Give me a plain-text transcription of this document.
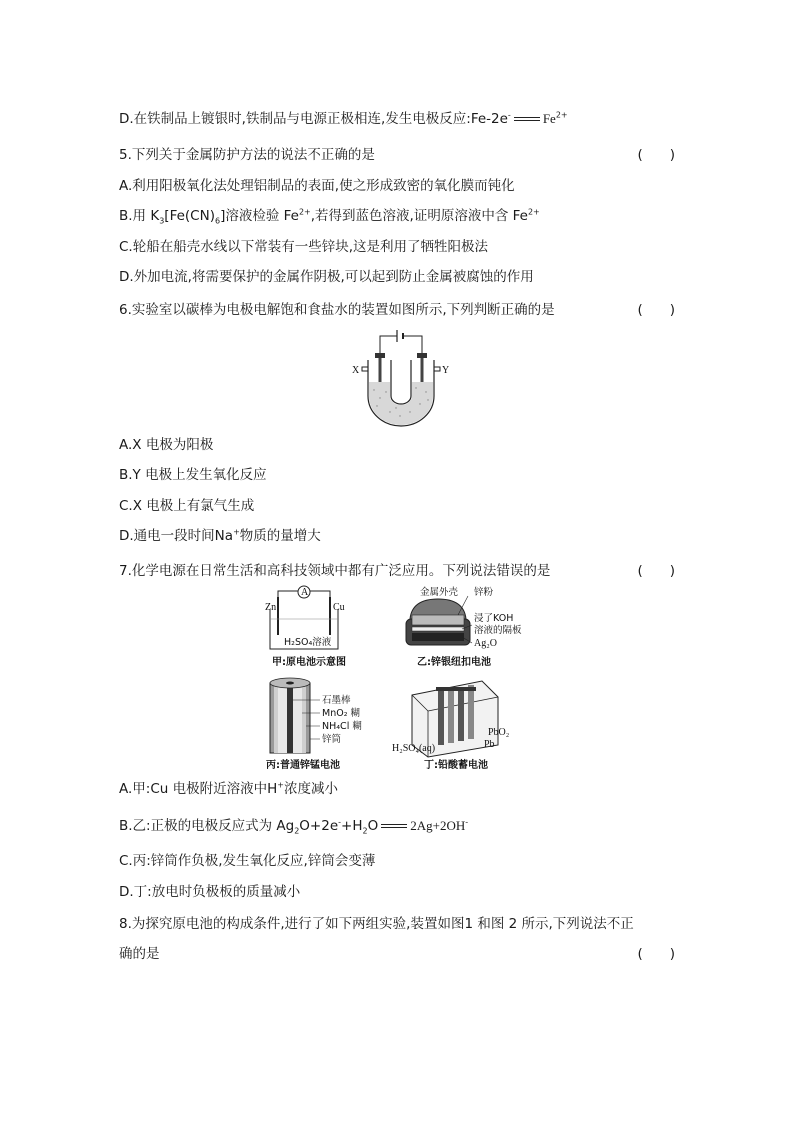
D.在铁制品上镀银时,铁制品与电源正极相连,发生电极反应:Fe-2e- $Fe^{2+}$
5.下列关于金属防护方法的说法不正确的是	(　　)
A.利用阳极氧化法处理铝制品的表面,使之形成致密的氧化膜而钝化
B.用 $K_3[Fe(CN)_6]$溶液检验 $Fe^{2+}$,若得到蓝色溶液,证明原溶液中含 $Fe^{2+}$
C.轮船在船壳水线以下常装有一些锌块,这是利用了牺牲阳极法
D.外加电流,将需要保护的金属作阴极,可以起到防止金属被腐蚀的作用
6.实验室以碳棒为电极电解饱和食盐水的装置如图所示,下列判断正确的是	(　　)
X	Y
A.X 电极为阳极
B.Y 电极上发生氧化反应
C.X 电极上有氯气生成
D.通电一段时间Na+物质的量增大
7.化学电源在日常生活和高科技领域中都有广泛应用。下列说法错误的是	(　　)
A
Zn	Cu
H₂SO₄溶液
甲:原电池示意图
金属外壳 锌粉
浸了KOH
溶液的隔板
Ag₂O
乙:锌银纽扣电池
石墨棒
MnO₂ 糊
NH₄Cl 糊
锌筒
丙:普通锌锰电池
H₂SO₄(aq)
PbO₂
Pb
丁:铅酸蓄电池
A.甲:Cu 电极附近溶液中H+浓度减小
B.乙:正极的电极反应式为 $Ag_2O+2e^-+H_2O$ 2Ag+2OH-
C.丙:锌筒作负极,发生氧化反应,锌筒会变薄
D.丁:放电时负极板的质量减小
8.为探究原电池的构成条件,进行了如下两组实验,装置如图1 和图 2 所示,下列说法不正
确的是	(　　)
